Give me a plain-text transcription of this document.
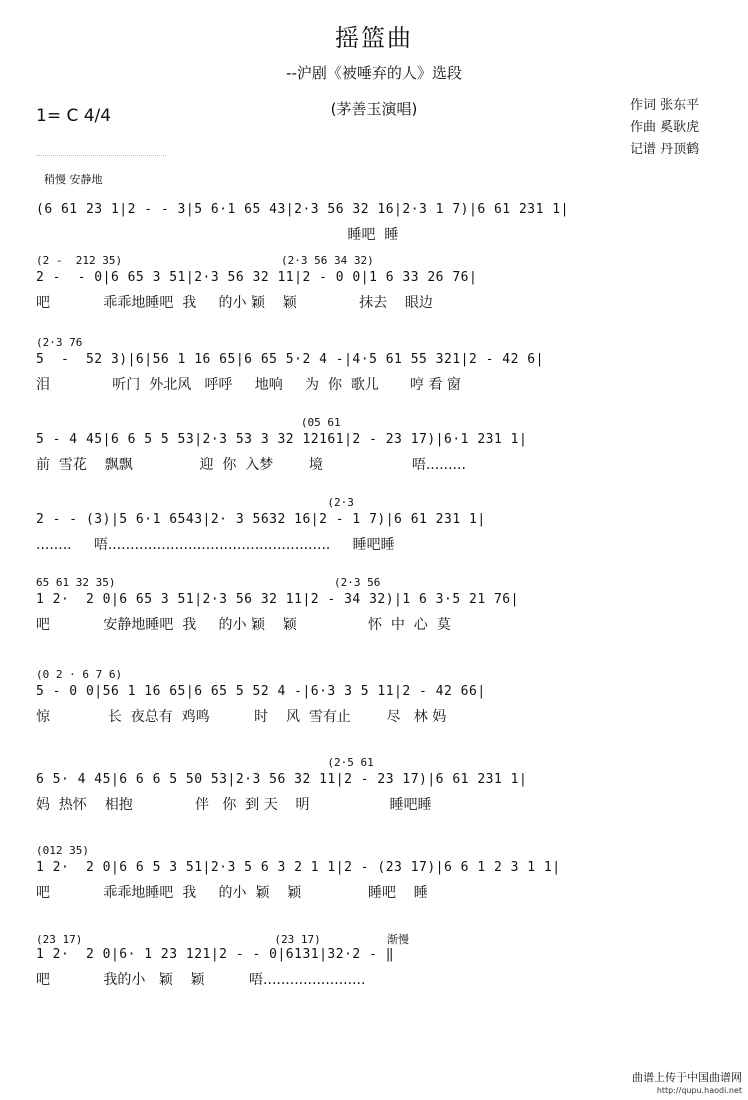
摇篮曲
--沪剧《被唾弃的人》选段
(茅善玉演唱)
1= C 4/4
作词 张东平
作曲 奚耿虎
记谱 丹顶鹤
稍慢 安静地
(6 61 23 1|2 - - 3|5 6·1 65 43|2·3 56 32 16|2·3 1 7)|6 61 231 1|
睡吧  睡
(2 -  212 35)                        (2·3 56 34 32)
2 -  - 0|6 65 3 51|2·3 56 32 11|2 - 0 0|1 6 33 26 76|
吧            乖乖地睡吧  我     的小 颖    颖              抹去    眼边
(2·3 76
5  -  52 3)|6|56 1 16 65|6 65 5·2 4 -|4·5 61 55 321|2 - 42 6|
泪              听门  外北风   呼呼     地响     为  你  歌儿       哼 看 窗
(05 61
5 - 4 45|6 6 5 5 53|2·3 53 3 32 12161|2 - 23 17)|6·1 231 1|
前  雪花    飘飘               迎  你  入梦        境                    唔.........
(2·3
2 - - (3)|5 6·1 6543|2· 3 5632 16|2 - 1 7)|6 61 231 1|
........     唔..................................................     睡吧睡
65 61 32 35)                                 (2·3 56
1 2·  2 0|6 65 3 51|2·3 56 32 11|2 - 34 32)|1 6 3·5 21 76|
吧            安静地睡吧  我     的小 颖    颖                怀  中  心  莫
(0 2 · 6 7 6)
5 - 0 0|56 1 16 65|6 65 5 52 4 -|6·3 3 5 11|2 - 42 66|
惊             长  夜总有  鸡鸣          时    风  雪有止        尽   林 妈
(2·5 61
6 5· 4 45|6 6 6 5 50 53|2·3 56 32 11|2 - 23 17)|6 61 231 1|
妈  热怀    相抱              伴   你  到 天    明                  睡吧睡
(012 35)
1 2·  2 0|6 6 5 3 51|2·3 5 6 3 2 1 1|2 - (23 17)|6 6 1 2 3 1 1|
吧            乖乖地睡吧  我     的小  颖    颖               睡吧    睡
(23 17)                             (23 17)          渐慢
1 2·  2 0|6· 1 23 121|2 - - 0|6131|32·2 - ‖
吧            我的小   颖    颖          唔.......................
曲谱上传于中国曲谱网
http://qupu.haodi.net
